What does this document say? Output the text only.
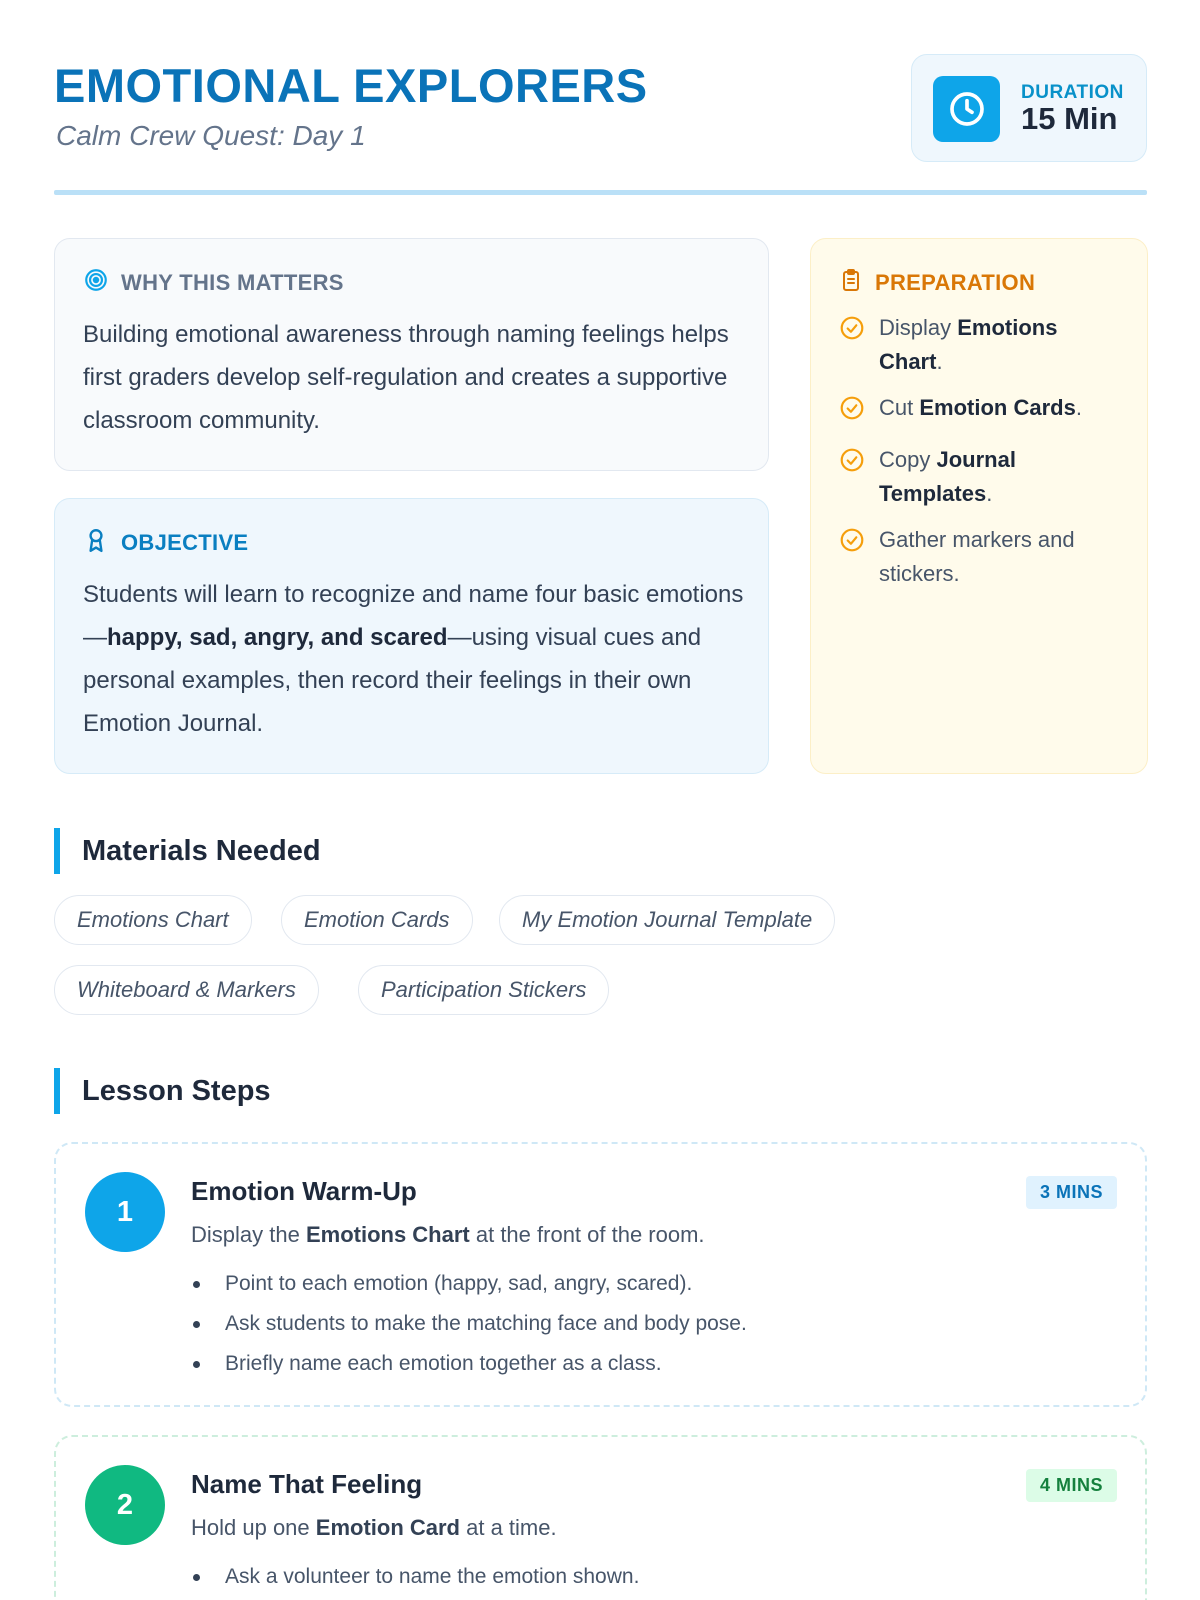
EMOTIONAL EXPLORERS
Calm Crew Quest: Day 1
DURATION
15 Min
WHY THIS MATTERS
Building emotional awareness through naming feelings helps first graders develop self-regulation and creates a supportive classroom community.
OBJECTIVE
Students will learn to recognize and name four basic emotions—happy, sad, angry, and scared—using visual cues and personal examples, then record their feelings in their own Emotion Journal.
PREPARATION
Display Emotions Chart.
Cut Emotion Cards.
Copy Journal Templates.
Gather markers and stickers.
Materials Needed
Emotions Chart	Emotion Cards	My Emotion Journal Template
Whiteboard & Markers	Participation Stickers
Lesson Steps
1
Emotion Warm-Up	3 MINS
Display the Emotions Chart at the front of the room.
Point to each emotion (happy, sad, angry, scared).
Ask students to make the matching face and body pose.
Briefly name each emotion together as a class.
2
Name That Feeling	4 MINS
Hold up one Emotion Card at a time.
Ask a volunteer to name the emotion shown.
